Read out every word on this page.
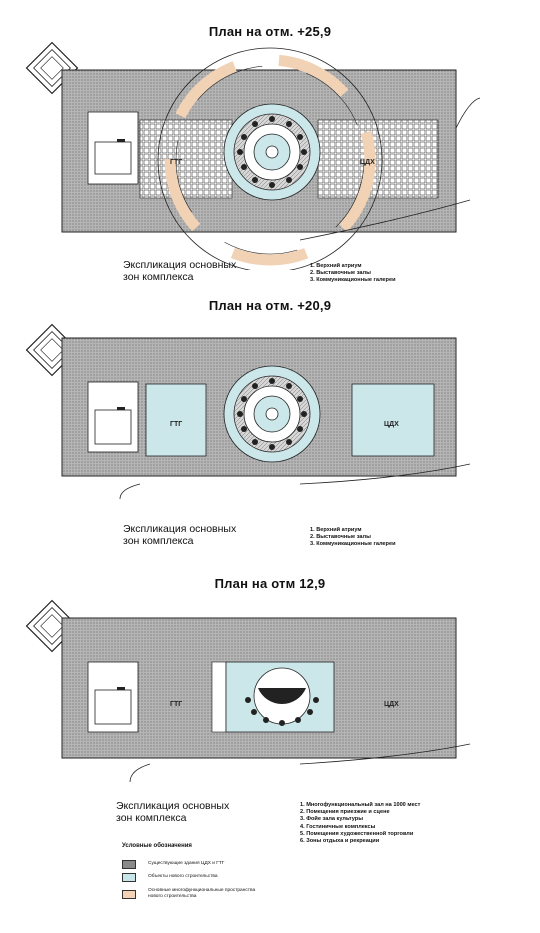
План на отм. +25,9
ГТГ	ЦДХ
Экспликация основных
зон комплекса
1. Верхний атриум
2. Выставочные залы
3. Коммуникационные галереи
План на отм. +20,9
ГТГ	ЦДХ
Экспликация основных
зон комплекса
1. Верхний атриум
2. Выставочные залы
3. Коммуникационные галереи
План на отм 12,9
ГТГ	ЦДХ
Экспликация основных
зон комплекса
1. Многофункциональный зал на 1000 мест
2. Помещения приезжие и сцене
3. Фойе зала культуры
4. Гостиничные комплексы
5. Помещения художественной торговли
6. Зоны отдыха и рекреации
Условные обозначения
Существующие здания ЦДХ и ГТГ
Объекты нового строительства
Основные многофункциональные пространства нового строительства
